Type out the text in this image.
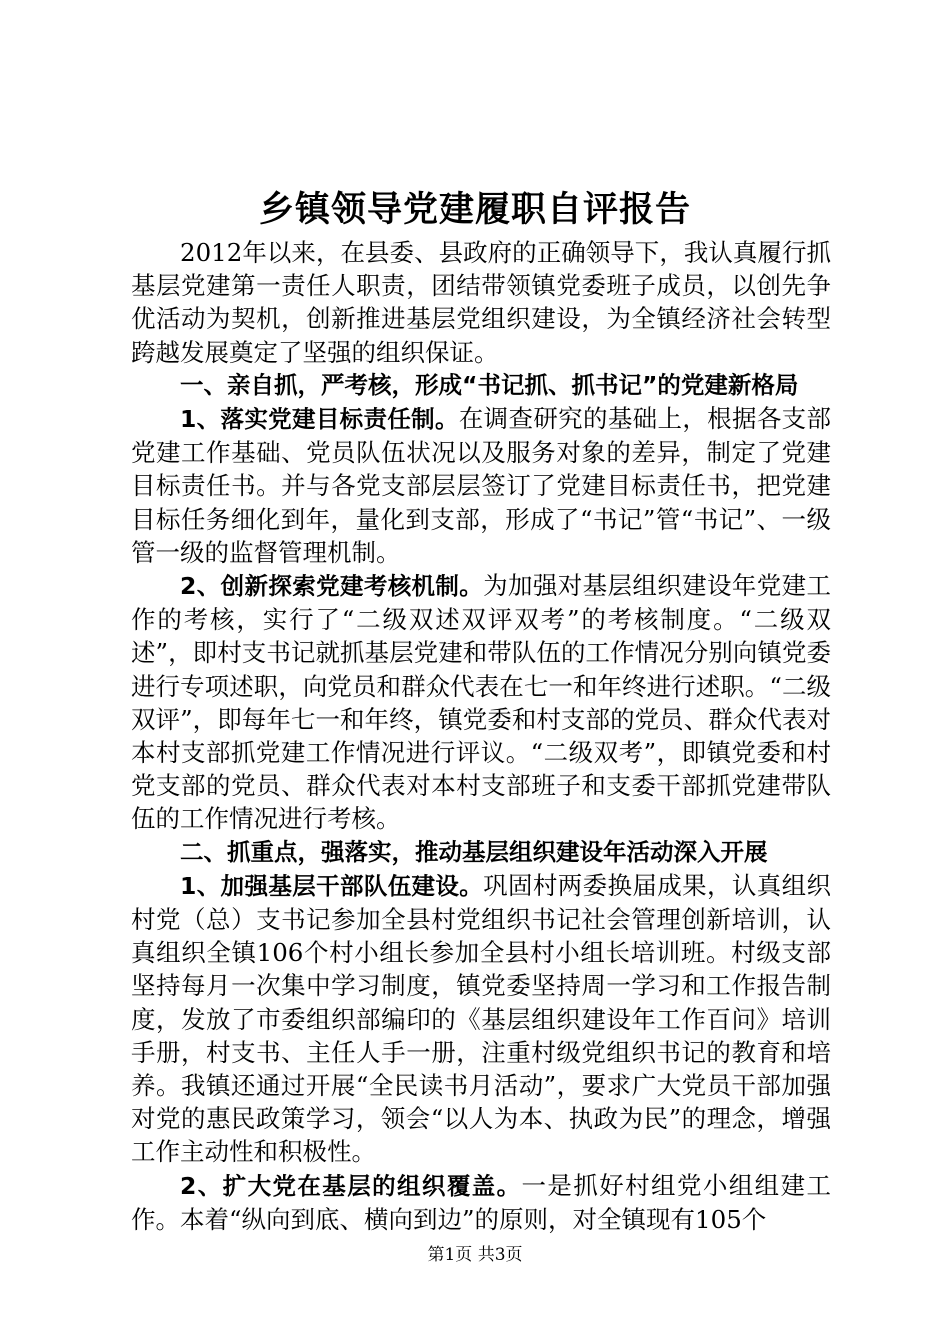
乡镇领导党建履职自评报告

2012年以来，在县委、县政府的正确领导下，我认真履行抓基层党建第一责任人职责，团结带领镇党委班子成员，以创先争优活动为契机，创新推进基层党组织建设，为全镇经济社会转型跨越发展奠定了坚强的组织保证。

一、亲自抓，严考核，形成“书记抓、抓书记”的党建新格局

1、落实党建目标责任制。在调查研究的基础上，根据各支部党建工作基础、党员队伍状况以及服务对象的差异，制定了党建目标责任书。并与各党支部层层签订了党建目标责任书，把党建目标任务细化到年，量化到支部，形成了“书记”管“书记”、一级管一级的监督管理机制。

2、创新探索党建考核机制。为加强对基层组织建设年党建工作的考核，实行了“二级双述双评双考”的考核制度。“二级双述”，即村支书记就抓基层党建和带队伍的工作情况分别向镇党委进行专项述职，向党员和群众代表在七一和年终进行述职。“二级双评”，即每年七一和年终，镇党委和村支部的党员、群众代表对本村支部抓党建工作情况进行评议。“二级双考”，即镇党委和村党支部的党员、群众代表对本村支部班子和支委干部抓党建带队伍的工作情况进行考核。

二、抓重点，强落实，推动基层组织建设年活动深入开展

1、加强基层干部队伍建设。巩固村两委换届成果，认真组织村党（总）支书记参加全县村党组织书记社会管理创新培训，认真组织全镇106个村小组长参加全县村小组长培训班。村级支部坚持每月一次集中学习制度，镇党委坚持周一学习和工作报告制度，发放了市委组织部编印的《基层组织建设年工作百问》培训手册，村支书、主任人手一册，注重村级党组织书记的教育和培养。我镇还通过开展“全民读书月活动”，要求广大党员干部加强对党的惠民政策学习，领会“以人为本、执政为民”的理念，增强工作主动性和积极性。

2、扩大党在基层的组织覆盖。一是抓好村组党小组组建工作。本着“纵向到底、横向到边”的原则，对全镇现有105个

第1页 共3页
